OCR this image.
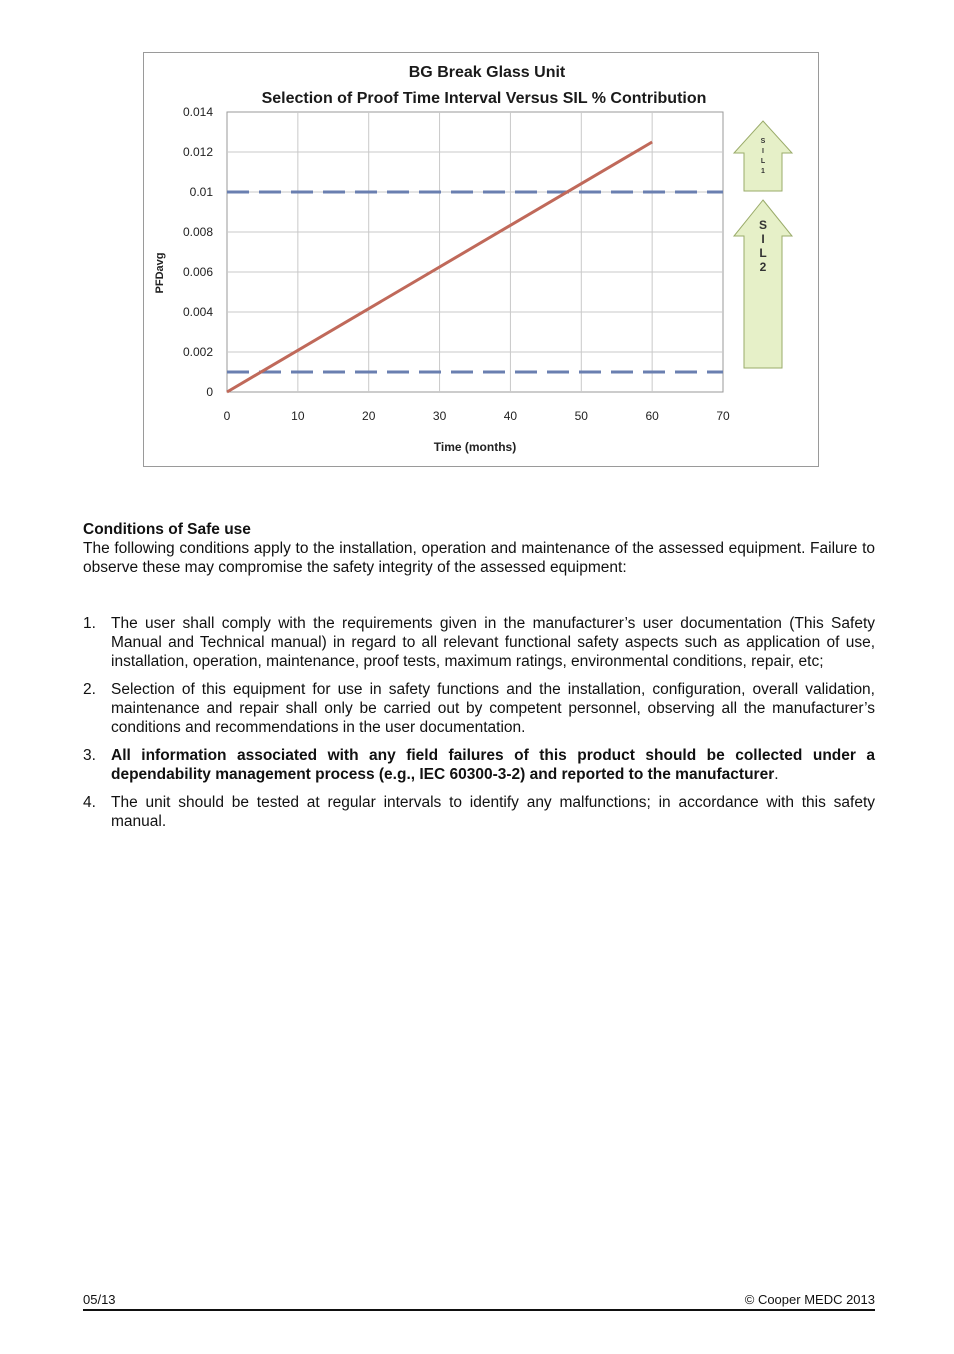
BG Break Glass Unit
Selection of Proof Time Interval Versus SIL % Contribution
Time (months)
PFDavg
0	10	20	30	40	50	60	70
0
0.002
0.004
0.006
0.008
0.01
0.012
0.014
S
I
L
1
S
I
L
2
Conditions of Safe use
The following conditions apply to the installation, operation and maintenance of the assessed equipment. Failure to observe these may compromise the safety integrity of the assessed equipment:
1. The user shall comply with the requirements given in the manufacturer’s user documentation (This Safety Manual and Technical manual) in regard to all relevant functional safety aspects such as application of use, installation, operation, maintenance, proof tests, maximum ratings, environmental conditions, repair, etc;
2. Selection of this equipment for use in safety functions and the installation, configuration, overall validation, maintenance and repair shall only be carried out by competent personnel, observing all the manufacturer’s conditions and recommendations in the user documentation.
3. All information associated with any field failures of this product should be collected under a dependability management process (e.g., IEC 60300-3-2) and reported to the manufacturer.
4. The unit should be tested at regular intervals to identify any malfunctions; in accordance with this safety manual.
05/13	© Cooper MEDC 2013
